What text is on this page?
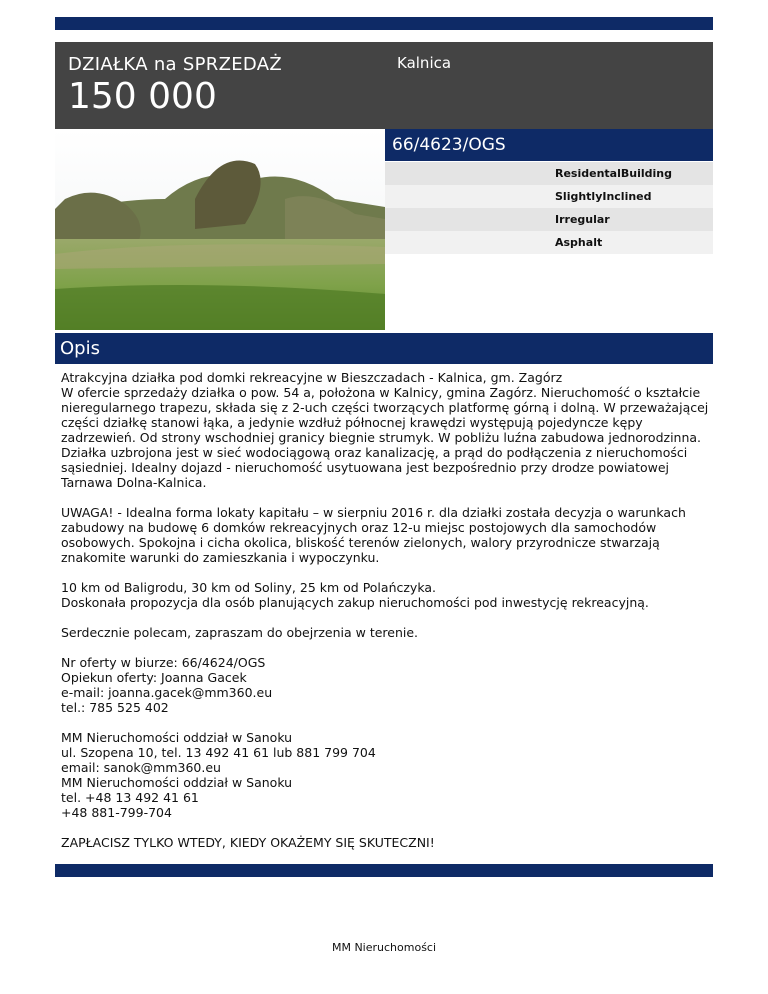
DZIAŁKA na SPRZEDAŻ
150 000
Kalnica
66/4623/OGS
ResidentalBuilding
SlightlyInclined
Irregular
Asphalt
Opis

Atrakcyjna działka pod domki rekreacyjne w Bieszczadach - Kalnica, gm. Zagórz
W ofercie sprzedaży działka o pow. 54 a, położona w Kalnicy, gmina Zagórz. Nieruchomość o kształcie nieregularnego trapezu, składa się z 2-uch części tworzących platformę górną i dolną. W przeważającej części działkę stanowi łąka, a jedynie wzdłuż północnej krawędzi występują pojedyncze kępy zadrzewień. Od strony wschodniej granicy biegnie strumyk. W pobliżu luźna zabudowa jednorodzinna.
Działka uzbrojona jest w sieć wodociągową oraz kanalizację, a prąd do podłączenia z nieruchomości sąsiedniej. Idealny dojazd - nieruchomość usytuowana jest bezpośrednio przy drodze powiatowej Tarnawa Dolna-Kalnica.

UWAGA! - Idealna forma lokaty kapitału – w sierpniu 2016 r. dla działki została decyzja o warunkach zabudowy na budowę 6 domków rekreacyjnych oraz 12-u miejsc postojowych dla samochodów osobowych. Spokojna i cicha okolica, bliskość terenów zielonych, walory przyrodnicze stwarzają znakomite warunki do zamieszkania i wypoczynku.

10 km od Baligrodu, 30 km od Soliny, 25 km od Polańczyka.
Doskonała propozycja dla osób planujących zakup nieruchomości pod inwestycję rekreacyjną.

Serdecznie polecam, zapraszam do obejrzenia w terenie.

Nr oferty w biurze: 66/4624/OGS
Opiekun oferty: Joanna Gacek
e-mail: joanna.gacek@mm360.eu
tel.: 785 525 402

MM Nieruchomości oddział w Sanoku
ul. Szopena 10, tel. 13 492 41 61 lub 881 799 704
email: sanok@mm360.eu
MM Nieruchomości oddział w Sanoku
tel. +48 13 492 41 61
+48 881-799-704

ZAPŁACISZ TYLKO WTEDY, KIEDY OKAŻEMY SIĘ SKUTECZNI!

MM Nieruchomości
